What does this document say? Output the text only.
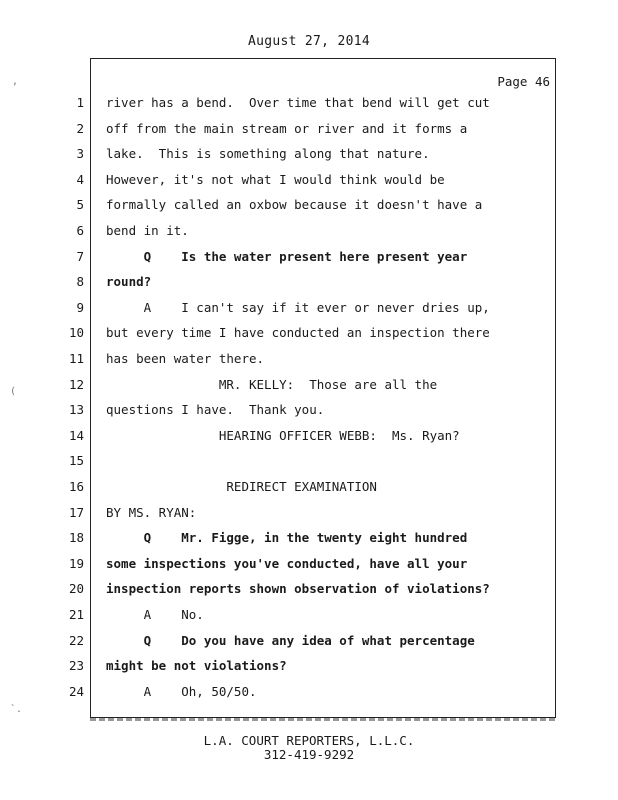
August 27, 2014
Page 46
1 river has a bend.  Over time that bend will get cut
2 off from the main stream or river and it forms a
3 lake.  This is something along that nature.
4 However, it's not what I would think would be
5 formally called an oxbow because it doesn't have a
6 bend in it.
7 Q    Is the water present here present year
8 round?
9 A    I can't say if it ever or never dries up,
10 but every time I have conducted an inspection there
11 has been water there.
12 MR. KELLY:  Those are all the
13 questions I have.  Thank you.
14 HEARING OFFICER WEBB:  Ms. Ryan?
15
16 REDIRECT EXAMINATION
17 BY MS. RYAN:
18 Q    Mr. Figge, in the twenty eight hundred
19 some inspections you've conducted, have all your
20 inspection reports shown observation of violations?
21 A    No.
22 Q    Do you have any idea of what percentage
23 might be not violations?
24 A    Oh, 50/50.
L.A. COURT REPORTERS, L.L.C.
312-419-9292
,
(
`.
